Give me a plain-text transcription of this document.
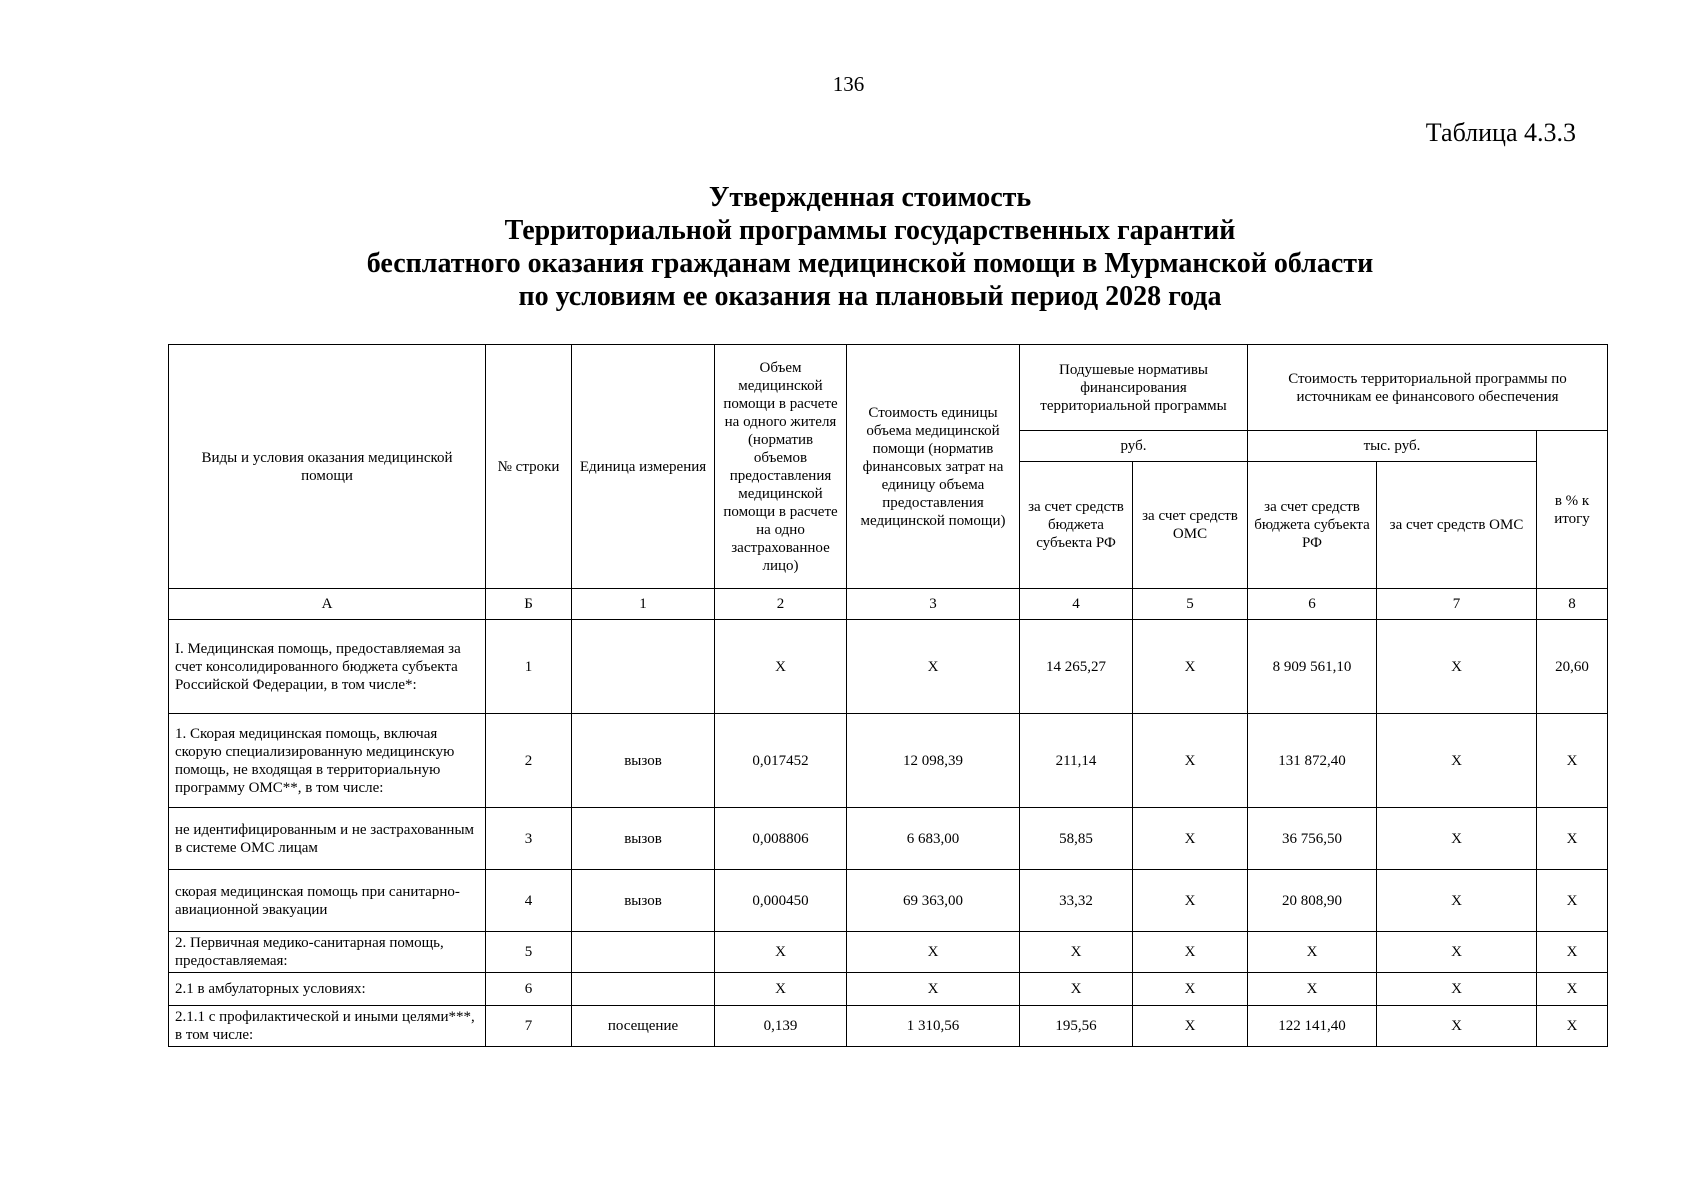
136
Таблица 4.3.3
Утвержденная стоимость
Территориальной программы государственных гарантий
бесплатного оказания гражданам медицинской помощи в Мурманской области
по условиям ее оказания на плановый период 2028 года
Виды и условия оказания медицинской помощи	№ строки	Единица измерения	Объем медицинской помощи в расчете на одного жителя (норматив объемов предоставления медицинской помощи в расчете на одно застрахованное лицо)	Стоимость единицы объема медицинской помощи (норматив финансовых затрат на единицу объема предоставления медицинской помощи)	Подушевые нормативы финансирования территориальной программы		Стоимость территориальной программы по источникам ее финансового обеспечения		
					руб.		тыс. руб.		в % к итогу
					за счет средств бюджета субъекта РФ	за счет средств ОМС	за счет средств бюджета субъекта РФ	за счет средств ОМС	
А	Б	1	2	3	4	5	6	7	8
I. Медицинская помощь, предоставляемая за счет консолидированного бюджета субъекта Российской Федерации, в том числе*:	1		Х	Х	14 265,27	Х	8 909 561,10	Х	20,60
1. Скорая медицинская помощь, включая скорую специализированную медицинскую помощь, не входящая в территориальную программу ОМС**, в том числе:	2	вызов	0,017452	12 098,39	211,14	Х	131 872,40	Х	Х
не идентифицированным и не застрахованным в системе ОМС лицам	3	вызов	0,008806	6 683,00	58,85	Х	36 756,50	Х	Х
скорая медицинская помощь при санитарно-авиационной эвакуации	4	вызов	0,000450	69 363,00	33,32	Х	20 808,90	Х	Х
2. Первичная медико-санитарная помощь, предоставляемая:	5		Х	Х	Х	Х	Х	Х	Х
2.1 в амбулаторных условиях:	6		Х	Х	Х	Х	Х	Х	Х
2.1.1 с профилактической и иными целями***, в том числе:	7	посещение	0,139	1 310,56	195,56	Х	122 141,40	Х	Х
